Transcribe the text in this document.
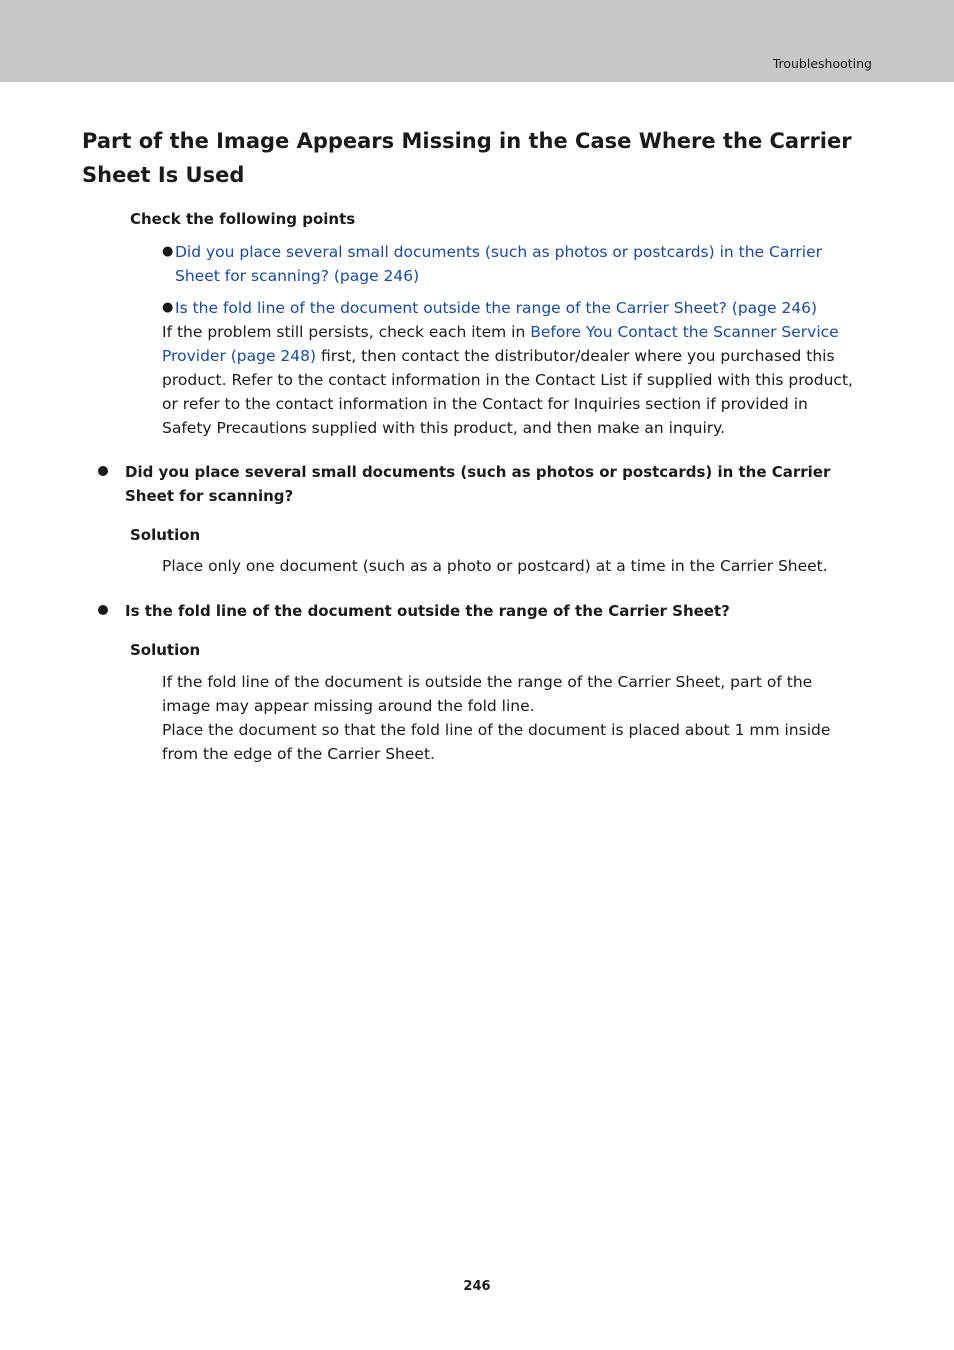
Troubleshooting
Part of the Image Appears Missing in the Case Where the Carrier Sheet Is Used
Check the following points
● Did you place several small documents (such as photos or postcards) in the Carrier Sheet for scanning? (page 246)
● Is the fold line of the document outside the range of the Carrier Sheet? (page 246)
If the problem still persists, check each item in Before You Contact the Scanner Service Provider (page 248) first, then contact the distributor/dealer where you purchased this product. Refer to the contact information in the Contact List if supplied with this product, or refer to the contact information in the Contact for Inquiries section if provided in Safety Precautions supplied with this product, and then make an inquiry.
Did you place several small documents (such as photos or postcards) in the Carrier Sheet for scanning?
Solution
Place only one document (such as a photo or postcard) at a time in the Carrier Sheet.
Is the fold line of the document outside the range of the Carrier Sheet?
Solution
If the fold line of the document is outside the range of the Carrier Sheet, part of the image may appear missing around the fold line.
Place the document so that the fold line of the document is placed about 1 mm inside from the edge of the Carrier Sheet.
246
